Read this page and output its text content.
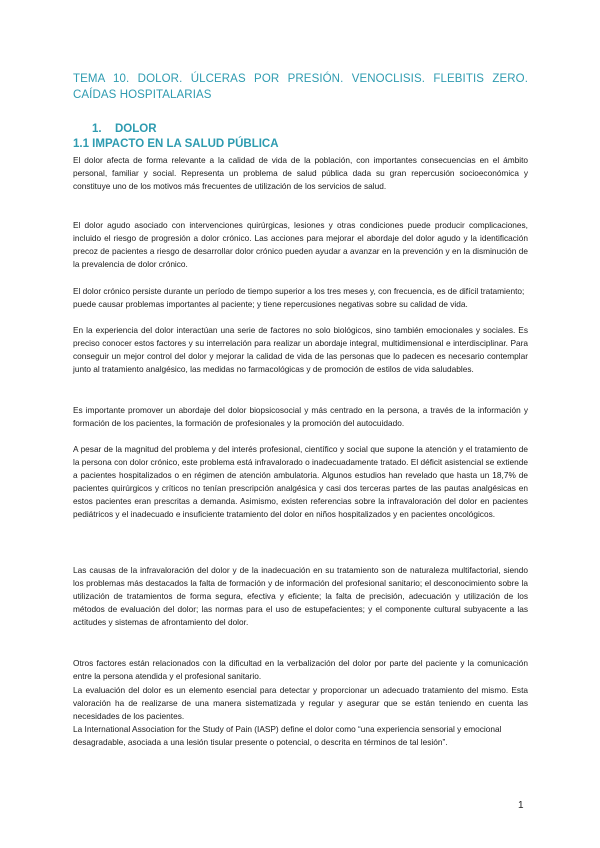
TEMA 10. DOLOR. ÚLCERAS POR PRESIÓN. VENOCLISIS. FLEBITIS ZERO. CAÍDAS HOSPITALARIAS
1. DOLOR
1.1 IMPACTO EN LA SALUD PÚBLICA

El dolor afecta de forma relevante a la calidad de vida de la población, con importantes consecuencias en el ámbito personal, familiar y social. Representa un problema de salud pública dada su gran repercusión socioeconómica y constituye uno de los motivos más frecuentes de utilización de los servicios de salud.

El dolor agudo asociado con intervenciones quirúrgicas, lesiones y otras condiciones puede producir complicaciones, incluido el riesgo de progresión a dolor crónico. Las acciones para mejorar el abordaje del dolor agudo y la identificación precoz de pacientes a riesgo de desarrollar dolor crónico pueden ayudar a avanzar en la prevención y en la disminución de la prevalencia de dolor crónico.

El dolor crónico persiste durante un período de tiempo superior a los tres meses y, con frecuencia, es de difícil tratamiento; puede causar problemas importantes al paciente; y tiene repercusiones negativas sobre su calidad de vida.

En la experiencia del dolor interactúan una serie de factores no solo biológicos, sino también emocionales y sociales. Es preciso conocer estos factores y su interrelación para realizar un abordaje integral, multidimensional e interdisciplinar. Para conseguir un mejor control del dolor y mejorar la calidad de vida de las personas que lo padecen es necesario contemplar junto al tratamiento analgésico, las medidas no farmacológicas y de promoción de estilos de vida saludables.

Es importante promover un abordaje del dolor biopsicosocial y más centrado en la persona, a través de la información y formación de los pacientes, la formación de profesionales y la promoción del autocuidado.

A pesar de la magnitud del problema y del interés profesional, científico y social que supone la atención y el tratamiento de la persona con dolor crónico, este problema está infravalorado o inadecuadamente tratado. El déficit asistencial se extiende a pacientes hospitalizados o en régimen de atención ambulatoria. Algunos estudios han revelado que hasta un 18,7% de pacientes quirúrgicos y críticos no tenían prescripción analgésica y casi dos terceras partes de las pautas analgésicas en estos pacientes eran prescritas a demanda. Asimismo, existen referencias sobre la infravaloración del dolor en pacientes pediátricos y el inadecuado e insuficiente tratamiento del dolor en niños hospitalizados y en pacientes oncológicos.

Las causas de la infravaloración del dolor y de la inadecuación en su tratamiento son de naturaleza multifactorial, siendo los problemas más destacados la falta de formación y de información del profesional sanitario; el desconocimiento sobre la utilización de tratamientos de forma segura, efectiva y eficiente; la falta de precisión, adecuación y utilización de los métodos de evaluación del dolor; las normas para el uso de estupefacientes; y el componente cultural subyacente a las actitudes y sistemas de afrontamiento del dolor.

Otros factores están relacionados con la dificultad en la verbalización del dolor por parte del paciente y la comunicación entre la persona atendida y el profesional sanitario.

La evaluación del dolor es un elemento esencial para detectar y proporcionar un adecuado tratamiento del mismo. Esta valoración ha de realizarse de una manera sistematizada y regular y asegurar que se están teniendo en cuenta las necesidades de los pacientes.

La International Association for the Study of Pain (IASP) define el dolor como “una experiencia sensorial y emocional desagradable, asociada a una lesión tisular presente o potencial, o descrita en términos de tal lesión”.

1
